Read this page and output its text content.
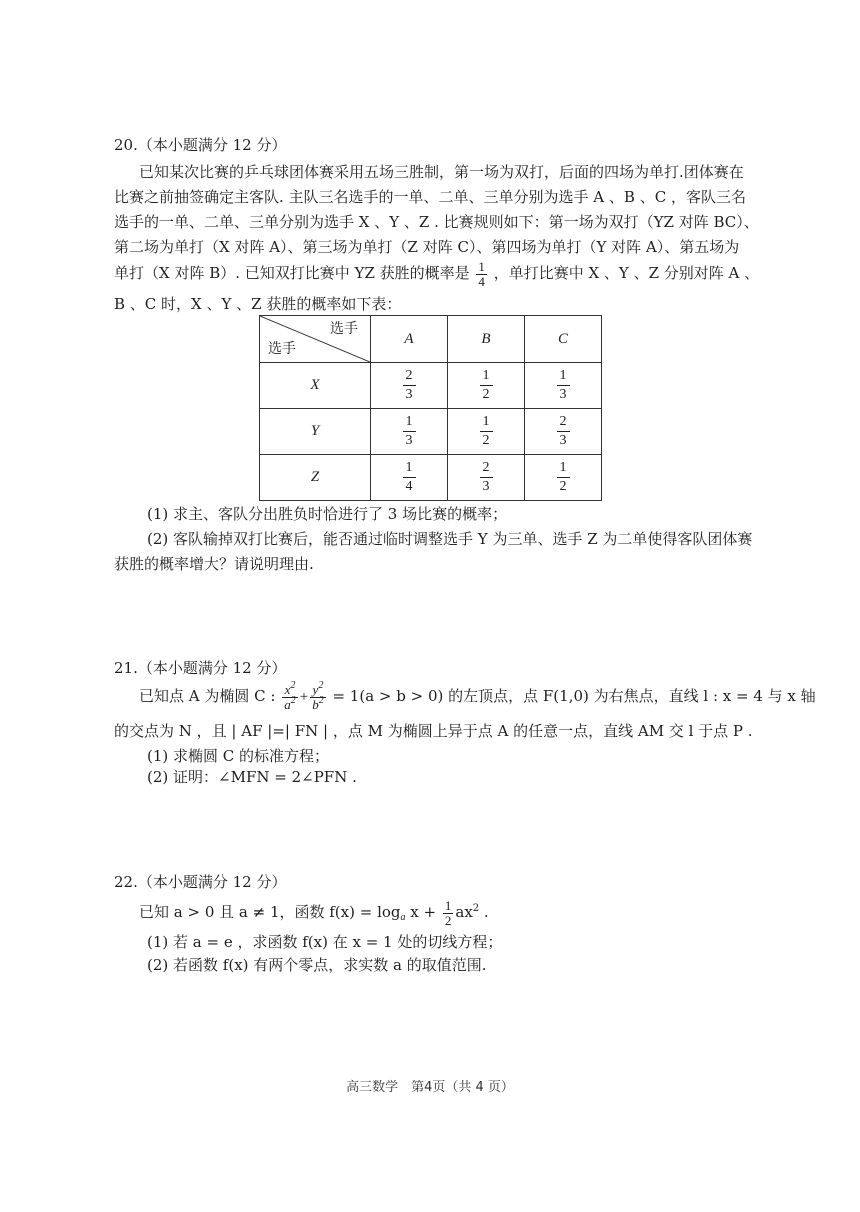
20.（本小题满分 12 分）
已知某次比赛的乒乓球团体赛采用五场三胜制，第一场为双打，后面的四场为单打.团体赛在
比赛之前抽签确定主客队. 主队三名选手的一单、二单、三单分别为选手 A 、B 、C ，客队三名
选手的一单、二单、三单分别为选手 X 、Y 、Z . 比赛规则如下：第一场为双打（YZ 对阵 BC）、
第二场为单打（X 对阵 A）、第三场为单打（Z 对阵 C）、第四场为单打（Y 对阵 A）、第五场为
单打（X 对阵 B）. 已知双打比赛中 YZ 获胜的概率是 $\frac{1}{4}$ ，单打比赛中 X 、Y 、Z 分别对阵 A 、
B 、C 时，X 、Y 、Z 获胜的概率如下表：
选手
选手	A	B	C
X	$\frac{2}{3}$	$\frac{1}{2}$	$\frac{1}{3}$

Y	$\frac{1}{3}$	$\frac{1}{2}$	$\frac{2}{3}$

Z	$\frac{1}{4}$	$\frac{2}{3}$	$\frac{1}{2}$
(1) 求主、客队分出胜负时恰进行了 3 场比赛的概率；
(2) 客队输掉双打比赛后，能否通过临时调整选手 Y 为三单、选手 Z 为二单使得客队团体赛
获胜的概率增大？请说明理由.
21.（本小题满分 12 分）
已知点 A 为椭圆 C : $\frac{x^2}{a^2} + \frac{y^2}{b^2} = 1(a > b > 0)$ 的左顶点，点 F(1,0) 为右焦点，直线 l : x = 4 与 x 轴
的交点为 N ，且 | AF |=| FN | ，点 M 为椭圆上异于点 A 的任意一点，直线 AM 交 l 于点 P .
(1) 求椭圆 C 的标准方程；
(2) 证明：∠MFN = 2∠PFN .
22.（本小题满分 12 分）
已知 a > 0 且 a ≠ 1，函数 $f(x) = \log_a x + \frac{1}{2} ax^2$ .
(1) 若 a = e ，求函数 f(x) 在 x = 1 处的切线方程；
(2) 若函数 f(x) 有两个零点，求实数 a 的取值范围.
高三数学　第4页（共 4 页）
